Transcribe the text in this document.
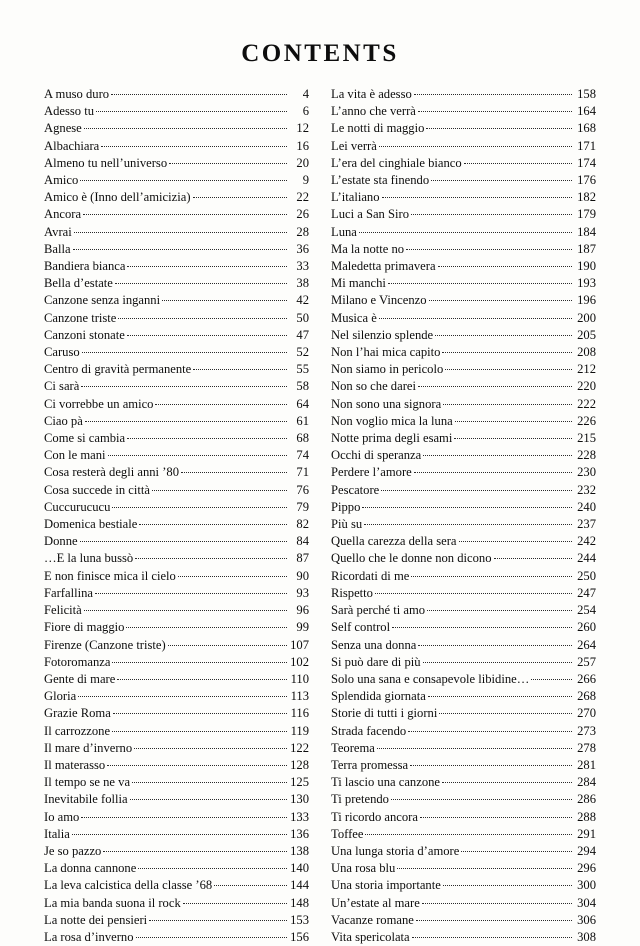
CONTENTS
A muso duro	4
Adesso tu	6
Agnese	12
Albachiara	16
Almeno tu nell’universo	20
Amico	9
Amico è (Inno dell’amicizia)	22
Ancora	26
Avrai	28
Balla	36
Bandiera bianca	33
Bella d’estate	38
Canzone senza inganni	42
Canzone triste	50
Canzoni stonate	47
Caruso	52
Centro di gravità permanente	55
Ci sarà	58
Ci vorrebbe un amico	64
Ciao pà	61
Come si cambia	68
Con le mani	74
Cosa resterà degli anni ’80	71
Cosa succede in città	76
Cuccurucucu	79
Domenica bestiale	82
Donne	84
…E la luna bussò	87
E non finisce mica il cielo	90
Farfallina	93
Felicità	96
Fiore di maggio	99
Firenze (Canzone triste)	107
Fotoromanza	102
Gente di mare	110
Gloria	113
Grazie Roma	116
Il carrozzone	119
Il mare d’inverno	122
Il materasso	128
Il tempo se ne va	125
Inevitabile follia	130
Io amo	133
Italia	136
Je so pazzo	138
La donna cannone	140
La leva calcistica della classe ’68	144
La mia banda suona il rock	148
La notte dei pensieri	153
La rosa d’inverno	156
La vita è adesso	158
L’anno che verrà	164
Le notti di maggio	168
Lei verrà	171
L’era del cinghiale bianco	174
L’estate sta finendo	176
L’italiano	182
Luci a San Siro	179
Luna	184
Ma la notte no	187
Maledetta primavera	190
Mi manchi	193
Milano e Vincenzo	196
Musica è	200
Nel silenzio splende	205
Non l’hai mica capito	208
Non siamo in pericolo	212
Non so che darei	220
Non sono una signora	222
Non voglio mica la luna	226
Notte prima degli esami	215
Occhi di speranza	228
Perdere l’amore	230
Pescatore	232
Pippo	240
Più su	237
Quella carezza della sera	242
Quello che le donne non dicono	244
Ricordati di me	250
Rispetto	247
Sarà perché ti amo	254
Self control	260
Senza una donna	264
Si può dare di più	257
Solo una sana e consapevole libidine…	266
Splendida giornata	268
Storie di tutti i giorni	270
Strada facendo	273
Teorema	278
Terra promessa	281
Ti lascio una canzone	284
Ti pretendo	286
Ti ricordo ancora	288
Toffee	291
Una lunga storia d’amore	294
Una rosa blu	296
Una storia importante	300
Un’estate al mare	304
Vacanze romane	306
Vita spericolata	308
